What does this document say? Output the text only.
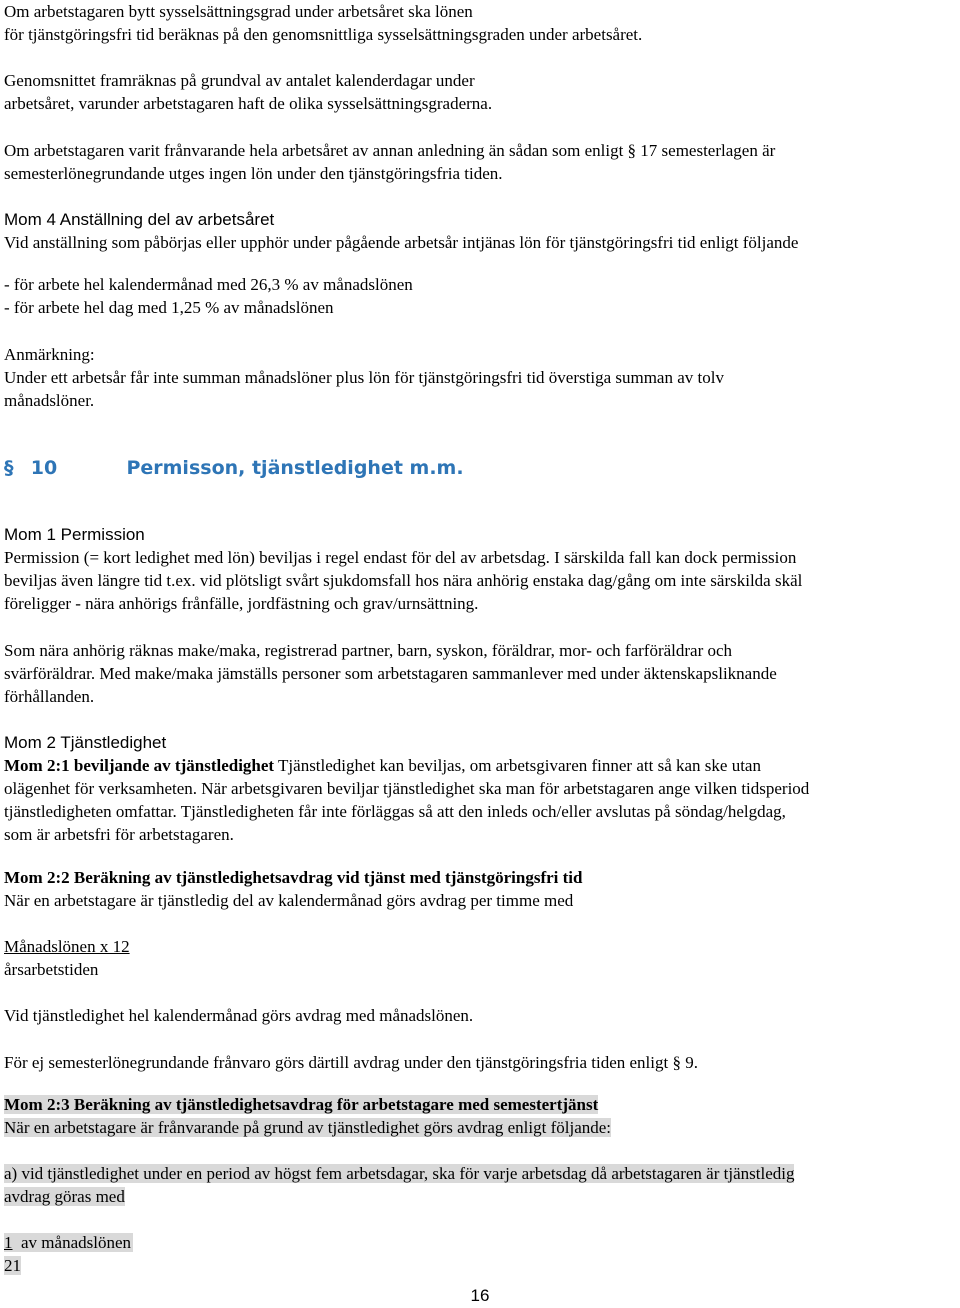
Om arbetstagaren bytt sysselsättningsgrad under arbetsåret ska lönen
för tjänstgöringsfri tid beräknas på den genomsnittliga sysselsättningsgraden under arbetsåret.
Genomsnittet framräknas på grundval av antalet kalenderdagar under
arbetsåret, varunder arbetstagaren haft de olika sysselsättningsgraderna.
Om arbetstagaren varit frånvarande hela arbetsåret av annan anledning än sådan som enligt § 17 semesterlagen är
semesterlönegrundande utges ingen lön under den tjänstgöringsfria tiden.
Mom 4 Anställning del av arbetsåret
Vid anställning som påbörjas eller upphör under pågående arbetsår intjänas lön för tjänstgöringsfri tid enligt följande
- för arbete hel kalendermånad med 26,3 % av månadslönen
- för arbete hel dag med 1,25 % av månadslönen
Anmärkning:
Under ett arbetsår får inte summan månadslöner plus lön för tjänstgöringsfri tid överstiga summan av tolv
månadslöner.
§ 10	Permisson, tjänstledighet m.m.
Mom 1 Permission
Permission (= kort ledighet med lön) beviljas i regel endast för del av arbetsdag. I särskilda fall kan dock permission
beviljas även längre tid t.ex. vid plötsligt svårt sjukdomsfall hos nära anhörig enstaka dag/gång om inte särskilda skäl
föreligger - nära anhörigs frånfälle, jordfästning och grav/urnsättning.
Som nära anhörig räknas make/maka, registrerad partner, barn, syskon, föräldrar, mor- och farföräldrar och
svärföräldrar. Med make/maka jämställs personer som arbetstagaren sammanlever med under äktenskapsliknande
förhållanden.
Mom 2 Tjänstledighet
Mom 2:1 beviljande av tjänstledighet Tjänstledighet kan beviljas, om arbetsgivaren finner att så kan ske utan
olägenhet för verksamheten. När arbetsgivaren beviljar tjänstledighet ska man för arbetstagaren ange vilken tidsperiod
tjänstledigheten omfattar. Tjänstledigheten får inte förläggas så att den inleds och/eller avslutas på söndag/helgdag,
som är arbetsfri för arbetstagaren.
Mom 2:2 Beräkning av tjänstledighetsavdrag vid tjänst med tjänstgöringsfri tid
När en arbetstagare är tjänstledig del av kalendermånad görs avdrag per timme med
Månadslönen x 12
årsarbetstiden
Vid tjänstledighet hel kalendermånad görs avdrag med månadslönen.
För ej semesterlönegrundande frånvaro görs därtill avdrag under den tjänstgöringsfria tiden enligt § 9.
Mom 2:3 Beräkning av tjänstledighetsavdrag för arbetstagare med semestertjänst
När en arbetstagare är frånvarande på grund av tjänstledighet görs avdrag enligt följande:
a) vid tjänstledighet under en period av högst fem arbetsdagar, ska för varje arbetsdag då arbetstagaren är tjänstledig
avdrag göras med
1  av månadslönen
21
16
